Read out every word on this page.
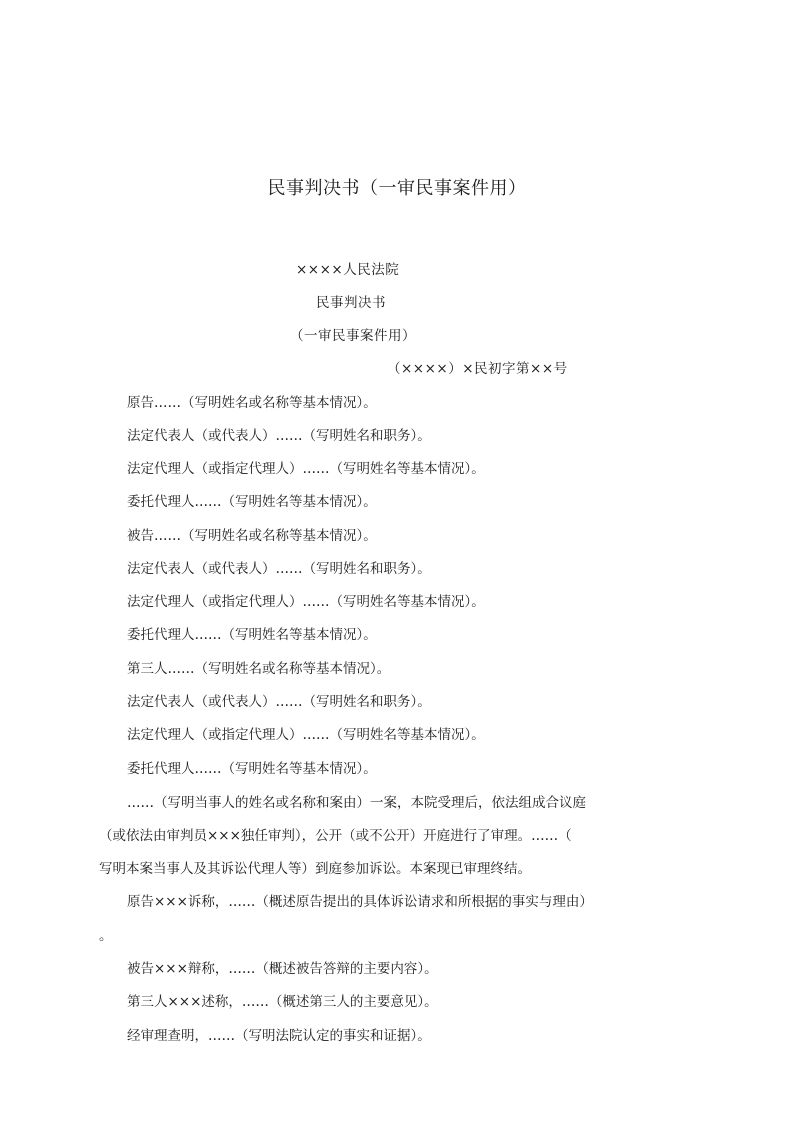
民事判决书（一审民事案件用）

××××人民法院

民事判决书

（一审民事案件用）

（××××）×民初字第××号

原告……（写明姓名或名称等基本情况）。

法定代表人（或代表人）……（写明姓名和职务）。

法定代理人（或指定代理人）……（写明姓名等基本情况）。

委托代理人……（写明姓名等基本情况）。

被告……（写明姓名或名称等基本情况）。

法定代表人（或代表人）……（写明姓名和职务）。

法定代理人（或指定代理人）……（写明姓名等基本情况）。

委托代理人……（写明姓名等基本情况）。

第三人……（写明姓名或名称等基本情况）。

法定代表人（或代表人）……（写明姓名和职务）。

法定代理人（或指定代理人）……（写明姓名等基本情况）。

委托代理人……（写明姓名等基本情况）。

……（写明当事人的姓名或名称和案由）一案，本院受理后，依法组成合议庭

（或依法由审判员×××独任审判），公开（或不公开）开庭进行了审理。……（

写明本案当事人及其诉讼代理人等）到庭参加诉讼。本案现已审理终结。

原告×××诉称，……（概述原告提出的具体诉讼请求和所根据的事实与理由）

。

被告×××辩称，……（概述被告答辩的主要内容）。

第三人×××述称，……（概述第三人的主要意见）。

经审理查明，……（写明法院认定的事实和证据）。
